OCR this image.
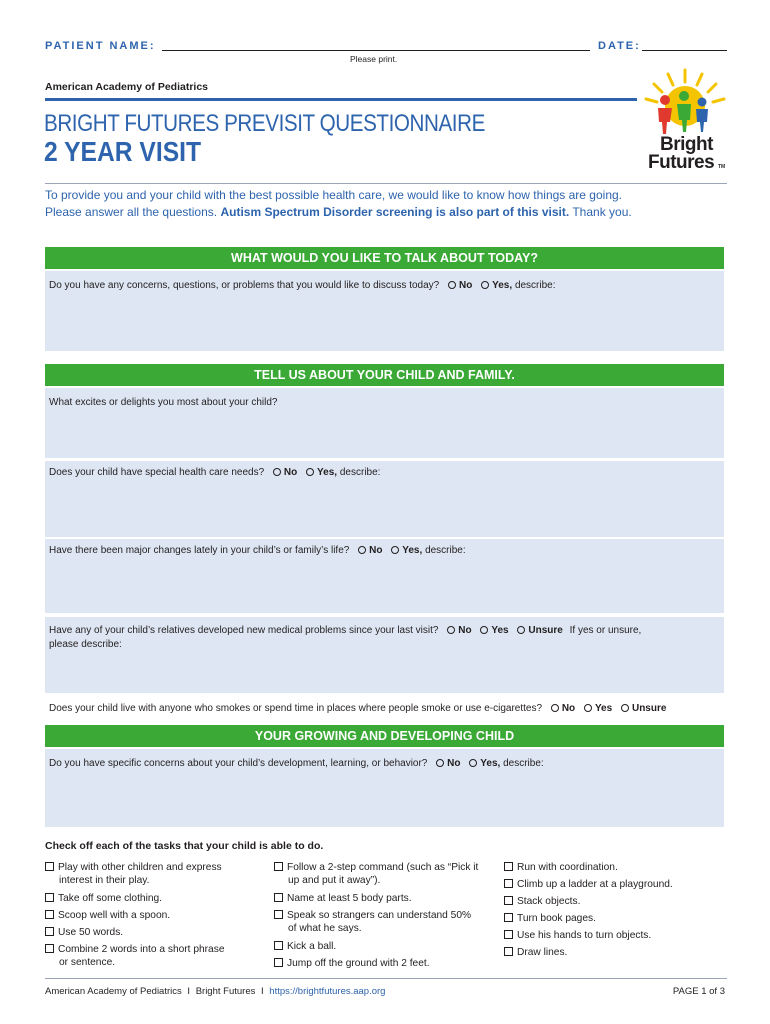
PATIENT NAME:
Please print.
DATE:
American Academy of Pediatrics
BRIGHT FUTURES PREVISIT QUESTIONNAIRE
2 YEAR VISIT	Bright
Futures TM
To provide you and your child with the best possible health care, we would like to know how things are going.
Please answer all the questions. Autism Spectrum Disorder screening is also part of this visit. Thank you.
WHAT WOULD YOU LIKE TO TALK ABOUT TODAY?
Do you have any concerns, questions, or problems that you would like to discuss today? No Yes, describe:
TELL US ABOUT YOUR CHILD AND FAMILY.
What excites or delights you most about your child?
Does your child have special health care needs? No Yes, describe:
Have there been major changes lately in your child’s or family’s life? No Yes, describe:
Have any of your child’s relatives developed new medical problems since your last visit? No Yes Unsure If yes or unsure,
please describe:
Does your child live with anyone who smokes or spend time in places where people smoke or use e-cigarettes? No Yes Unsure
YOUR GROWING AND DEVELOPING CHILD
Do you have specific concerns about your child’s development, learning, or behavior? No Yes, describe:
Check off each of the tasks that your child is able to do.
Play with other children and express
interest in their play.
Take off some clothing.
Scoop well with a spoon.
Use 50 words.
Combine 2 words into a short phrase
or sentence.
Follow a 2-step command (such as “Pick it
up and put it away”).
Name at least 5 body parts.
Speak so strangers can understand 50%
of what he says.
Kick a ball.
Jump off the ground with 2 feet.
Run with coordination.
Climb up a ladder at a playground.
Stack objects.
Turn book pages.
Use his hands to turn objects.
Draw lines.
American Academy of Pediatrics I Bright Futures I https://brightfutures.aap.org	PAGE 1 of 3
